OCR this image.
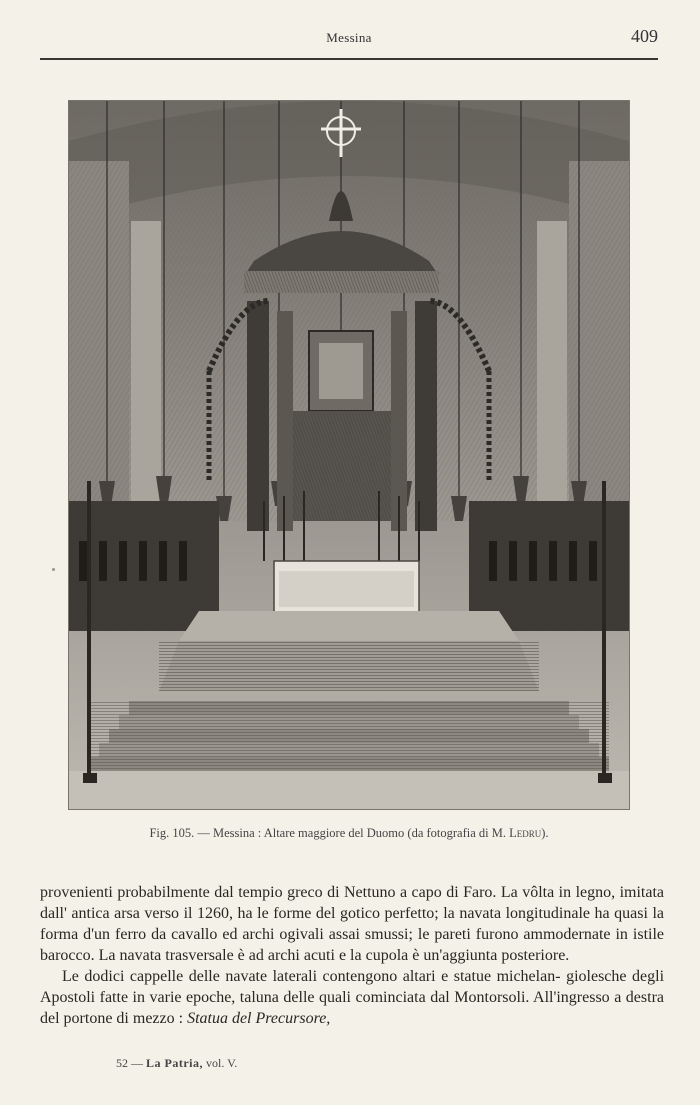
Messina	409
Fig. 105. — Messina : Altare maggiore del Duomo (da fotografia di M. Ledru).

provenienti probabilmente dal tempio greco di Nettuno a capo di Faro. La vôlta in legno, imitata dall' antica arsa verso il 1260, ha le forme del gotico perfetto; la navata longitudinale ha quasi la forma d'un ferro da cavallo ed archi ogivali assai smussi; le pareti furono ammodernate in istile barocco. La navata trasversale è ad archi acuti e la cupola è un'aggiunta posteriore.

Le dodici cappelle delle navate laterali contengono altari e statue michelan- giolesche degli Apostoli fatte in varie epoche, taluna delle quali cominciata dal Montorsoli. All'ingresso a destra del portone di mezzo : Statua del Precursore,

52 — La Patria, vol. V.
